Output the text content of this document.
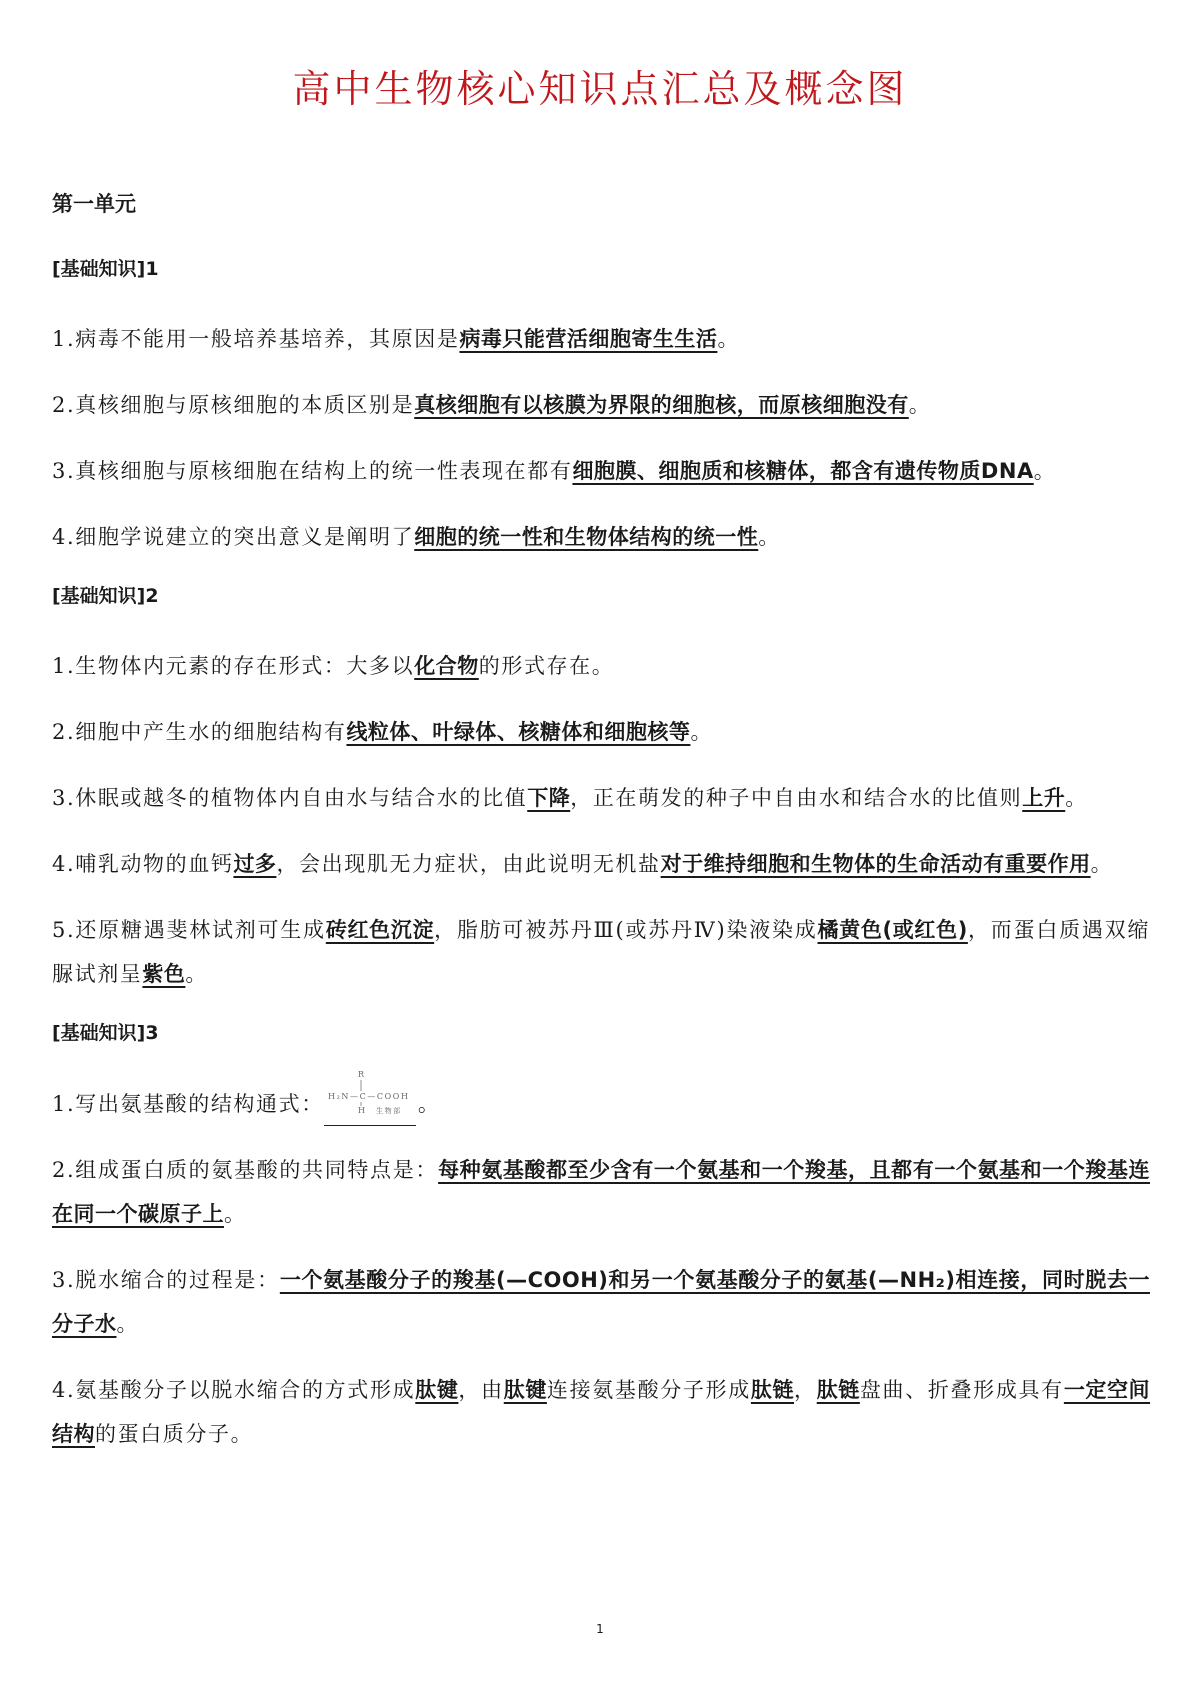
高中生物核心知识点汇总及概念图
第一单元
[基础知识]1
1.病毒不能用一般培养基培养，其原因是病毒只能营活细胞寄生生活。
2.真核细胞与原核细胞的本质区别是真核细胞有以核膜为界限的细胞核，而原核细胞没有。
3.真核细胞与原核细胞在结构上的统一性表现在都有细胞膜、细胞质和核糖体，都含有遗传物质DNA。
4.细胞学说建立的突出意义是阐明了细胞的统一性和生物体结构的统一性。
[基础知识]2
1.生物体内元素的存在形式：大多以化合物的形式存在。
2.细胞中产生水的细胞结构有线粒体、叶绿体、核糖体和细胞核等。
3.休眠或越冬的植物体内自由水与结合水的比值下降，正在萌发的种子中自由水和结合水的比值则上升。
4.哺乳动物的血钙过多，会出现肌无力症状，由此说明无机盐对于维持细胞和生物体的生命活动有重要作用。
5.还原糖遇斐林试剂可生成砖红色沉淀，脂肪可被苏丹Ⅲ(或苏丹Ⅳ)染液染成橘黄色(或红色)，而蛋白质遇双缩脲试剂呈紫色。
[基础知识]3
1.写出氨基酸的结构通式：
R
H₂N—C—COOH
H 生物部 。
2.组成蛋白质的氨基酸的共同特点是：每种氨基酸都至少含有一个氨基和一个羧基，且都有一个氨基和一个羧基连在同一个碳原子上。
3.脱水缩合的过程是：一个氨基酸分子的羧基(—COOH)和另一个氨基酸分子的氨基(—NH₂)相连接，同时脱去一分子水。
4.氨基酸分子以脱水缩合的方式形成肽键，由肽键连接氨基酸分子形成肽链，肽链盘曲、折叠形成具有一定空间结构的蛋白质分子。
1
